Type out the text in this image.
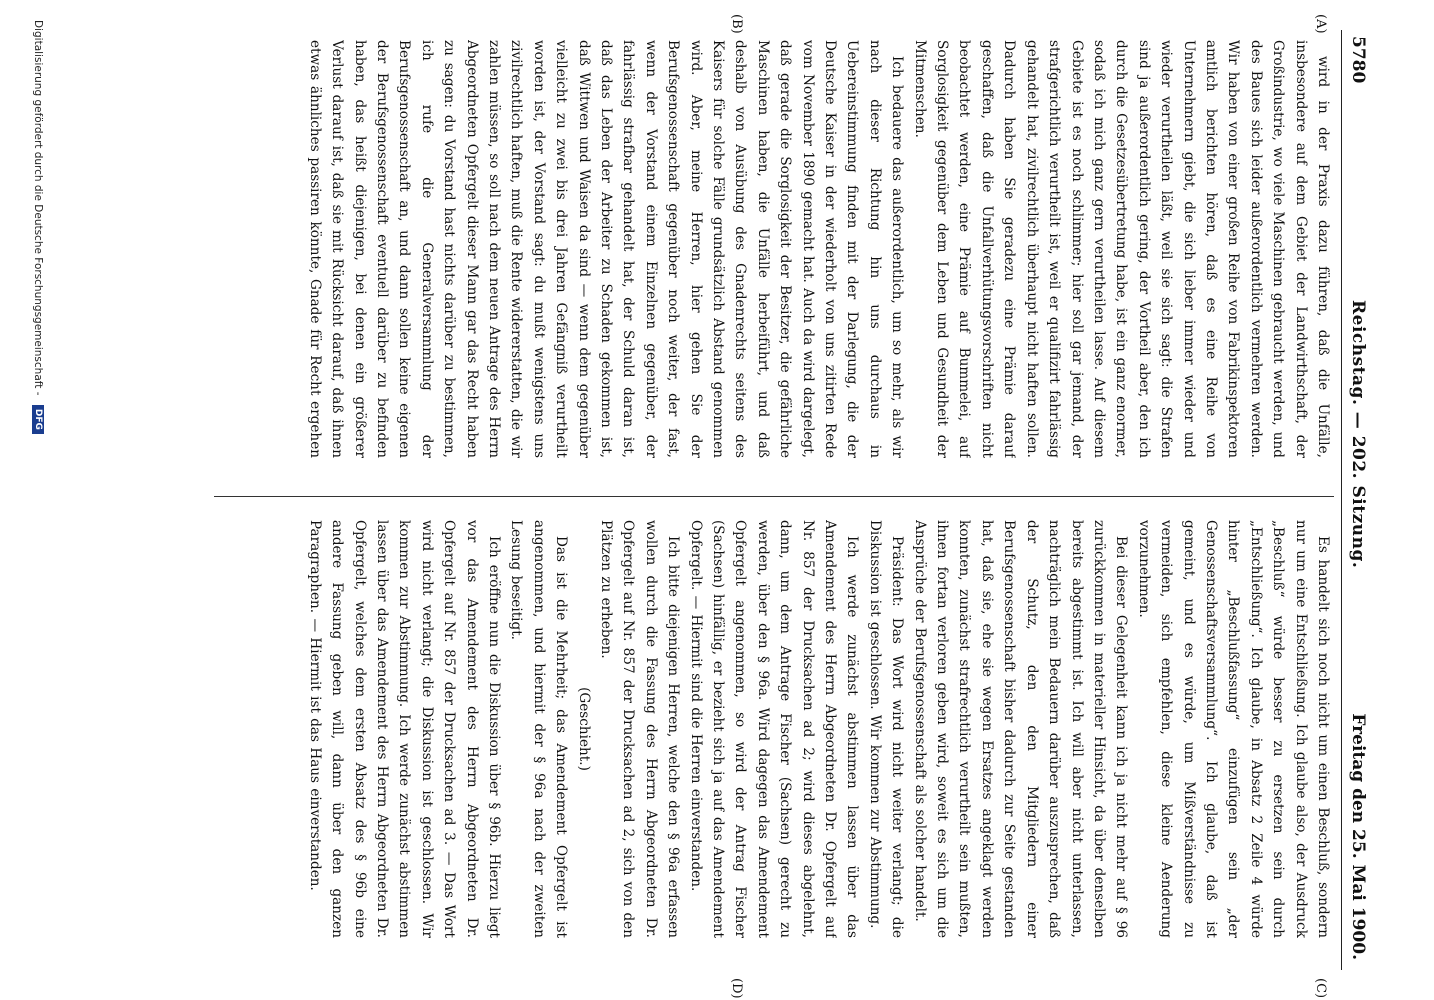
5780
Reichstag. — 202. Sitzung.
Freitag den 25. Mai 1900.
(A)
(B)
(C)
(D)

wird in der Praxis dazu führen, daß die Unfälle, insbesondere auf dem Gebiet der Landwirthschaft, der Großindustrie, wo viele Maschinen gebraucht werden, und des Baues sich leider außerordentlich vermehren werden. Wir haben von einer großen Reihe von Fabrikinspektoren amtlich berichten hören, daß es eine Reihe von Unternehmern giebt, die sich lieber immer wieder und wieder verurtheilen läßt, weil sie sich sagt: die Strafen sind ja außerordentlich gering, der Vortheil aber, den ich durch die Gesetzesübertretung habe, ist ein ganz enormer, sodaß ich mich ganz gern verurtheilen lasse. Auf diesem Gebiete ist es noch schlimmer; hier soll gar jemand, der strafgerichtlich verurtheilt ist, weil er qualifizirt fahrlässig gehandelt hat, zivilrechtlich überhaupt nicht haften sollen. Dadurch haben Sie geradezu eine Prämie darauf geschaffen, daß die Unfallverhütungsvorschriften nicht beobachtet werden, eine Prämie auf Bummelei, auf Sorglosigkeit gegenüber dem Leben und Gesundheit der Mitmenschen.

Ich bedauere das außerordentlich, um so mehr, als wir nach dieser Richtung hin uns durchaus in Uebereinstimmung finden mit der Darlegung, die der Deutsche Kaiser in der wiederholt von uns zitirten Rede vom November 1890 gemacht hat. Auch da wird dargelegt, daß gerade die Sorglosigkeit der Besitzer, die gefährliche Maschinen haben, die Unfälle herbeiführt, und daß deshalb von Ausübung des Gnadenrechts seitens des Kaisers für solche Fälle grundsätzlich Abstand genommen wird. Aber, meine Herren, hier gehen Sie der Berufsgenossenschaft gegenüber noch weiter, der fast, wenn der Vorstand einem Einzelnen gegenüber, der fahrlässig strafbar gehandelt hat, der Schuld daran ist, daß das Leben der Arbeiter zu Schaden gekommen ist, daß Wittwen und Waisen da sind — wenn dem gegenüber vielleicht zu zwei bis drei Jahren Gefängniß verurtheilt worden ist, der Vorstand sagt: du mußt wenigstens uns zivilrechtlich haften, muß die Rente widererstatten, die wir zahlen müssen, so soll nach dem neuen Antrage des Herrn Abgeordneten Opfergelt dieser Mann gar das Recht haben zu sagen: du Vorstand hast nichts darüber zu bestimmen, ich rufe die Generalversammlung der Berufsgenossenschaft an, und dann sollen keine eigenen der Berufsgenossenschaft eventuell darüber zu befinden haben, das heißt diejenigen, bei denen ein größerer Verlust darauf ist, daß sie mit Rücksicht darauf, daß ihnen etwas ähnliches passiren könnte, Gnade für Recht ergehen

Es handelt sich noch nicht um einen Beschluß, sondern nur um eine Entschließung. Ich glaube also, der Ausdruck „Beschluß“ würde besser zu ersetzen sein durch „Entschließung“. Ich glaube, in Absatz 2 Zeile 4 würde hinter „Beschlußfassung“ einzufügen sein „der Genossenschaftsversammlung“. Ich glaube, daß ist gemeint, und es würde, um Mißverständnisse zu vermeiden, sich empfehlen, diese kleine Aenderung vorzunehmen.

Bei dieser Gelegenheit kann ich ja nicht mehr auf § 96 zurückkommen in materieller Hinsicht, da über denselben bereits abgestimmt ist. Ich will aber nicht unterlassen, nachträglich mein Bedauern darüber auszusprechen, daß der Schutz, den den Mitgliedern einer Berufsgenossenschaft bisher dadurch zur Seite gestanden hat, daß sie, ehe sie wegen Ersatzes angeklagt werden konnten, zunächst strafrechtlich verurtheilt sein mußten, ihnen fortan verloren geben wird, soweit es sich um die Ansprüche der Berufsgenossenschaft als solcher handelt.

Präsident: Das Wort wird nicht weiter verlangt; die Diskussion ist geschlossen. Wir kommen zur Abstimmung.

Ich werde zunächst abstimmen lassen über das Amendement des Herrn Abgeordneten Dr. Opfergelt auf Nr. 857 der Drucksachen ad 2; wird dieses abgelehnt, dann, um dem Antrage Fischer (Sachsen) gerecht zu werden, über den § 96a. Wird dagegen das Amendement Opfergelt angenommen, so wird der Antrag Fischer (Sachsen) hinfällig, er bezieht sich ja auf das Amendement Opfergelt. — Hiermit sind die Herren einverstanden.

Ich bitte diejenigen Herren, welche den § 96a erfassen wollen durch die Fassung des Herrn Abgeordneten Dr. Opfergelt auf Nr. 857 der Drucksachen ad 2, sich von den Plätzen zu erheben.

(Geschieht.)

Das ist die Mehrheit; das Amendement Opfergelt ist angenommen, und hiermit der § 96a nach der zweiten Lesung beseitigt.

Ich eröffne nun die Diskussion über § 96b. Hierzu liegt vor das Amendement des Herrn Abgeordneten Dr. Opfergelt auf Nr. 857 der Drucksachen ad 3. — Das Wort wird nicht verlangt; die Diskussion ist geschlossen. Wir kommen zur Abstimmung. Ich werde zunächst abstimmen lassen über das Amendement des Herrn Abgeordneten Dr. Opfergelt, welches dem ersten Absatz des § 96b eine andere Fassung geben will, dann über den ganzen Paragraphen. — Hiermit ist das Haus einverstanden.

Digitalisierung gefördert durch die Deutsche Forschungsgemeinschaft - DFG
